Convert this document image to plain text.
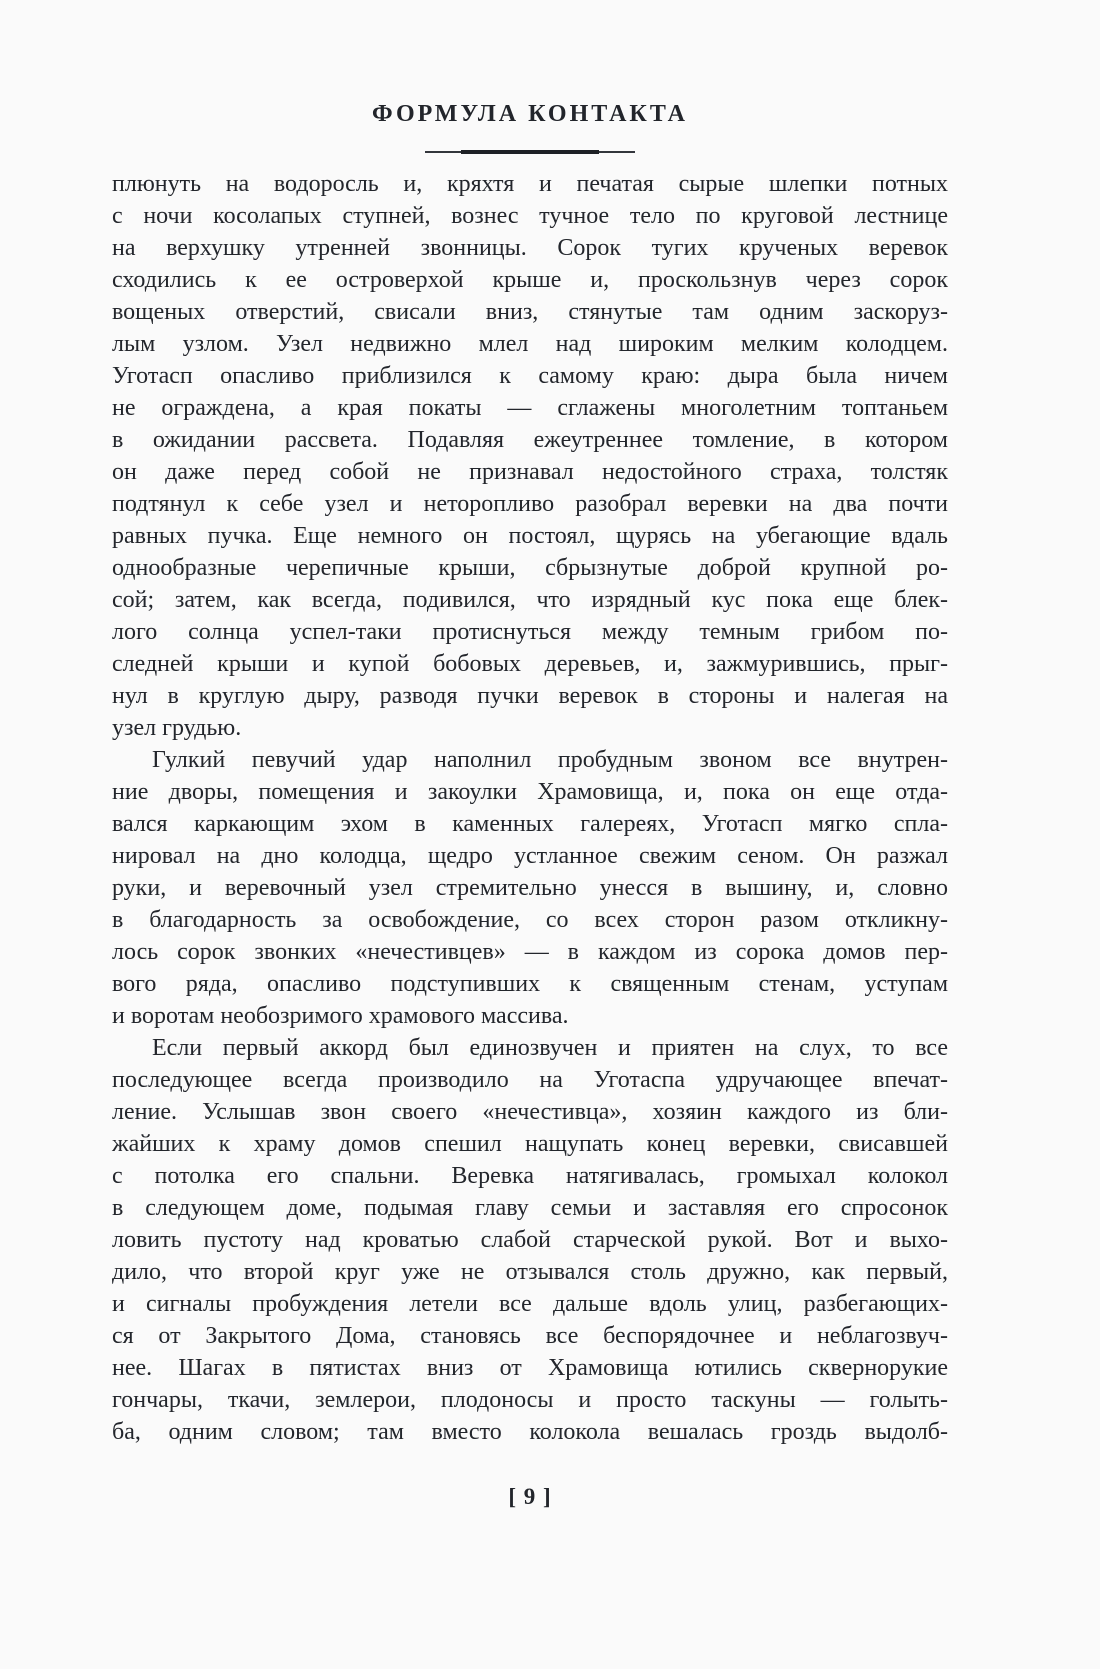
ФОРМУЛА КОНТАКТА
плюнуть на водоросль и, кряхтя и печатая сырые шлепки потных
с ночи косолапых ступней, вознес тучное тело по круговой лестнице
на верхушку утренней звонницы. Сорок тугих крученых веревок
сходились к ее островерхой крыше и, проскользнув через сорок
вощеных отверстий, свисали вниз, стянутые там одним заскоруз-
лым узлом. Узел недвижно млел над широким мелким колодцем.
Уготасп опасливо приблизился к самому краю: дыра была ничем
не ограждена, а края покаты — сглажены многолетним топтаньем
в ожидании рассвета. Подавляя ежеутреннее томление, в котором
он даже перед собой не признавал недостойного страха, толстяк
подтянул к себе узел и неторопливо разобрал веревки на два почти
равных пучка. Еще немного он постоял, щурясь на убегающие вдаль
однообразные черепичные крыши, сбрызнутые доброй крупной ро-
сой; затем, как всегда, подивился, что изрядный кус пока еще блек-
лого солнца успел-таки протиснуться между темным грибом по-
следней крыши и купой бобовых деревьев, и, зажмурившись, прыг-
нул в круглую дыру, разводя пучки веревок в стороны и налегая на
узел грудью.
Гулкий певучий удар наполнил пробудным звоном все внутрен-
ние дворы, помещения и закоулки Храмовища, и, пока он еще отда-
вался каркающим эхом в каменных галереях, Уготасп мягко спла-
нировал на дно колодца, щедро устланное свежим сеном. Он разжал
руки, и веревочный узел стремительно унесся в вышину, и, словно
в благодарность за освобождение, со всех сторон разом откликну-
лось сорок звонких «нечестивцев» — в каждом из сорока домов пер-
вого ряда, опасливо подступивших к священным стенам, уступам
и воротам необозримого храмового массива.
Если первый аккорд был единозвучен и приятен на слух, то все
последующее всегда производило на Уготаспа удручающее впечат-
ление. Услышав звон своего «нечестивца», хозяин каждого из бли-
жайших к храму домов спешил нащупать конец веревки, свисавшей
с потолка его спальни. Веревка натягивалась, громыхал колокол
в следующем доме, подымая главу семьи и заставляя его спросонок
ловить пустоту над кроватью слабой старческой рукой. Вот и выхо-
дило, что второй круг уже не отзывался столь дружно, как первый,
и сигналы пробуждения летели все дальше вдоль улиц, разбегающих-
ся от Закрытого Дома, становясь все беспорядочнее и неблагозвуч-
нее. Шагах в пятистах вниз от Храмовища ютились сквернорукие
гончары, ткачи, землерои, плодоносы и просто таскуны — голыть-
ба, одним словом; там вместо колокола вешалась гроздь выдолб-
[ 9 ]
